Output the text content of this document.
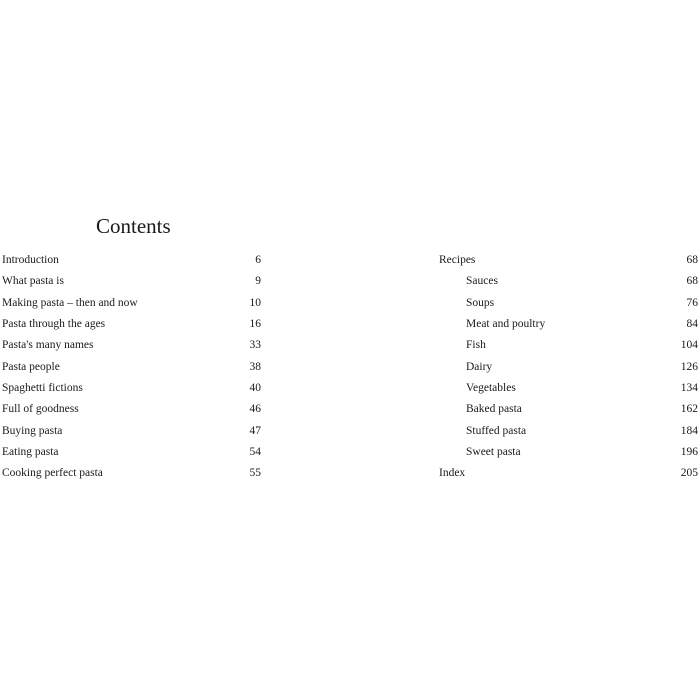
Contents
Introduction	6
What pasta is	9
Making pasta – then and now	10
Pasta through the ages	16
Pasta's many names	33
Pasta people	38
Spaghetti fictions	40
Full of goodness	46
Buying pasta	47
Eating pasta	54
Cooking perfect pasta	55
Recipes	68
Sauces	68
Soups	76
Meat and poultry	84
Fish	104
Dairy	126
Vegetables	134
Baked pasta	162
Stuffed pasta	184
Sweet pasta	196
Index	205
